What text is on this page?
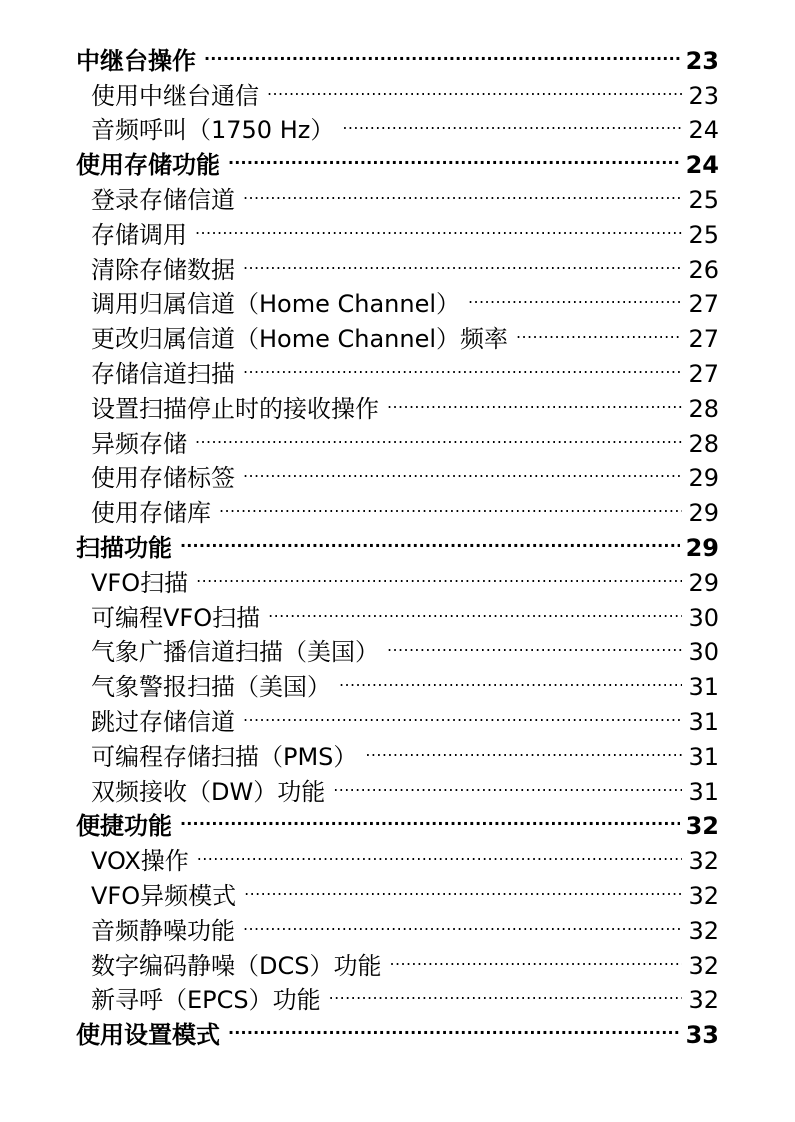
中继台操作 .....	23
使用中继台通信 .....	23
音频呼叫（1750 Hz） .....	24
使用存储功能 .....	24
登录存储信道 .....	25
存储调用 .....	25
清除存储数据 .....	26
调用归属信道（Home Channel） .....	27
更改归属信道（Home Channel）频率 .....	27
存储信道扫描 .....	27
设置扫描停止时的接收操作 .....	28
异频存储 .....	28
使用存储标签 .....	29
使用存储库 .....	29
扫描功能 .....	29
VFO扫描 .....	29
可编程VFO扫描 .....	30
气象广播信道扫描（美国） .....	30
气象警报扫描（美国） .....	31
跳过存储信道 .....	31
可编程存储扫描（PMS） .....	31
双频接收（DW）功能 .....	31
便捷功能 .....	32
VOX操作 .....	32
VFO异频模式 .....	32
音频静噪功能 .....	32
数字编码静噪（DCS）功能 .....	32
新寻呼（EPCS）功能 .....	32
使用设置模式 .....	33
